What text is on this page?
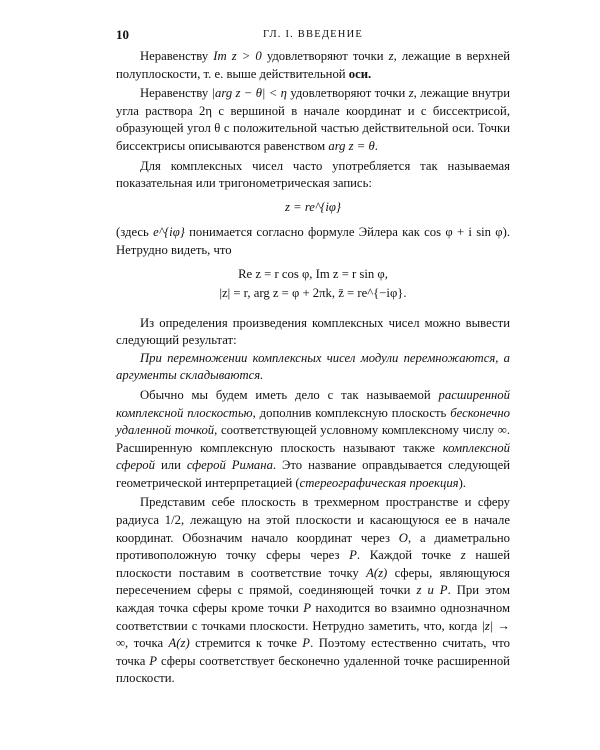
10	ГЛ. I. ВВЕДЕНИЕ

Неравенству Im z > 0 удовлетворяют точки z, лежащие в верхней полуплоскости, т. е. выше действительной оси.

Неравенству |arg z − θ| < η удовлетворяют точки z, лежащие внутри угла раствора 2η с вершиной в начале координат и с биссектрисой, образующей угол θ с положительной частью действительной оси. Точки биссектрисы описываются равенством arg z = θ.

Для комплексных чисел часто употребляется так называемая показательная или тригонометрическая запись:

z = re^{iφ}

(здесь e^{iφ} понимается согласно формуле Эйлера как cos φ + i sin φ). Нетрудно видеть, что

Re z = r cos φ, Im z = r sin φ,
|z| = r, arg z = φ + 2πk, z̄ = re^{−iφ}.

Из определения произведения комплексных чисел можно вывести следующий результат:

При перемножении комплексных чисел модули перемножаются, а аргументы складываются.

Обычно мы будем иметь дело с так называемой расширенной комплексной плоскостью, дополнив комплексную плоскость бесконечно удаленной точкой, соответствующей условному комплексному числу ∞. Расширенную комплексную плоскость называют также комплексной сферой или сферой Римана. Это название оправдывается следующей геометрической интерпретацией (стереографическая проекция).

Представим себе плоскость в трехмерном пространстве и сферу радиуса 1/2, лежащую на этой плоскости и касающуюся ее в начале координат. Обозначим начало координат через O, а диаметрально противоположную точку сферы через P. Каждой точке z нашей плоскости поставим в соответствие точку A(z) сферы, являющуюся пересечением сферы с прямой, соединяющей точки z и P. При этом каждая точка сферы кроме точки P находится во взаимно однозначном соответствии с точками плоскости. Нетрудно заметить, что, когда |z| → ∞, точка A(z) стремится к точке P. Поэтому естественно считать, что точка P сферы соответствует бесконечно удаленной точке расширенной плоскости.
